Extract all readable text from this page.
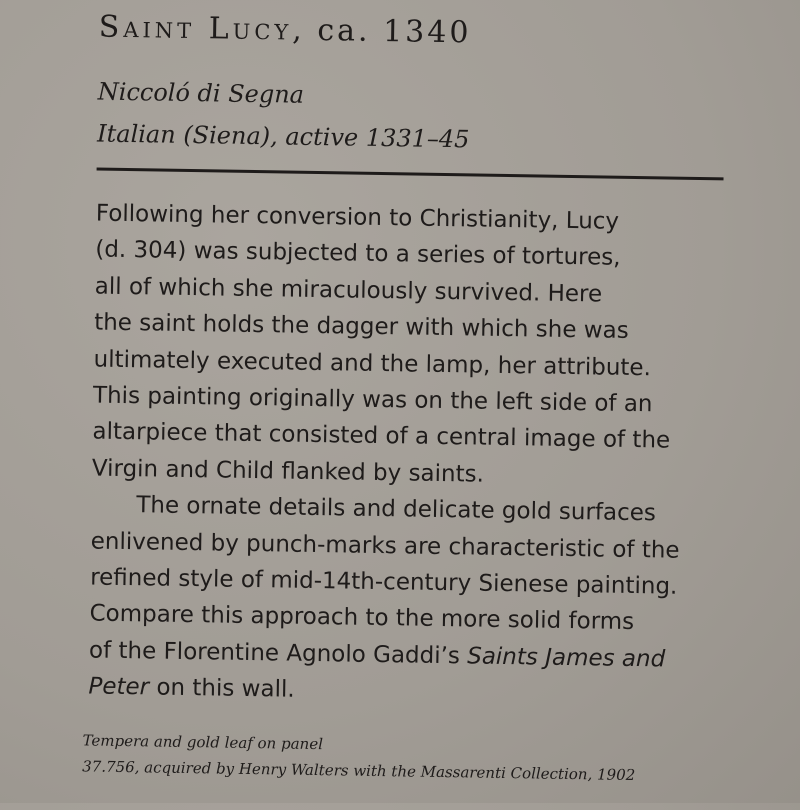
Saint Lucy, ca. 1340
Niccoló di Segna
Italian (Siena), active 1331–45
Following her conversion to Christianity, Lucy
(d. 304) was subjected to a series of tortures,
all of which she miraculously survived. Here
the saint holds the dagger with which she was
ultimately executed and the lamp, her attribute.
This painting originally was on the left side of an
altarpiece that consisted of a central image of the
Virgin and Child flanked by saints.
The ornate details and delicate gold surfaces
enlivened by punch-marks are characteristic of the
refined style of mid-14th-century Sienese painting.
Compare this approach to the more solid forms
of the Florentine Agnolo Gaddi’s Saints James and
Peter on this wall.
Tempera and gold leaf on panel
37.756, acquired by Henry Walters with the Massarenti Collection, 1902
